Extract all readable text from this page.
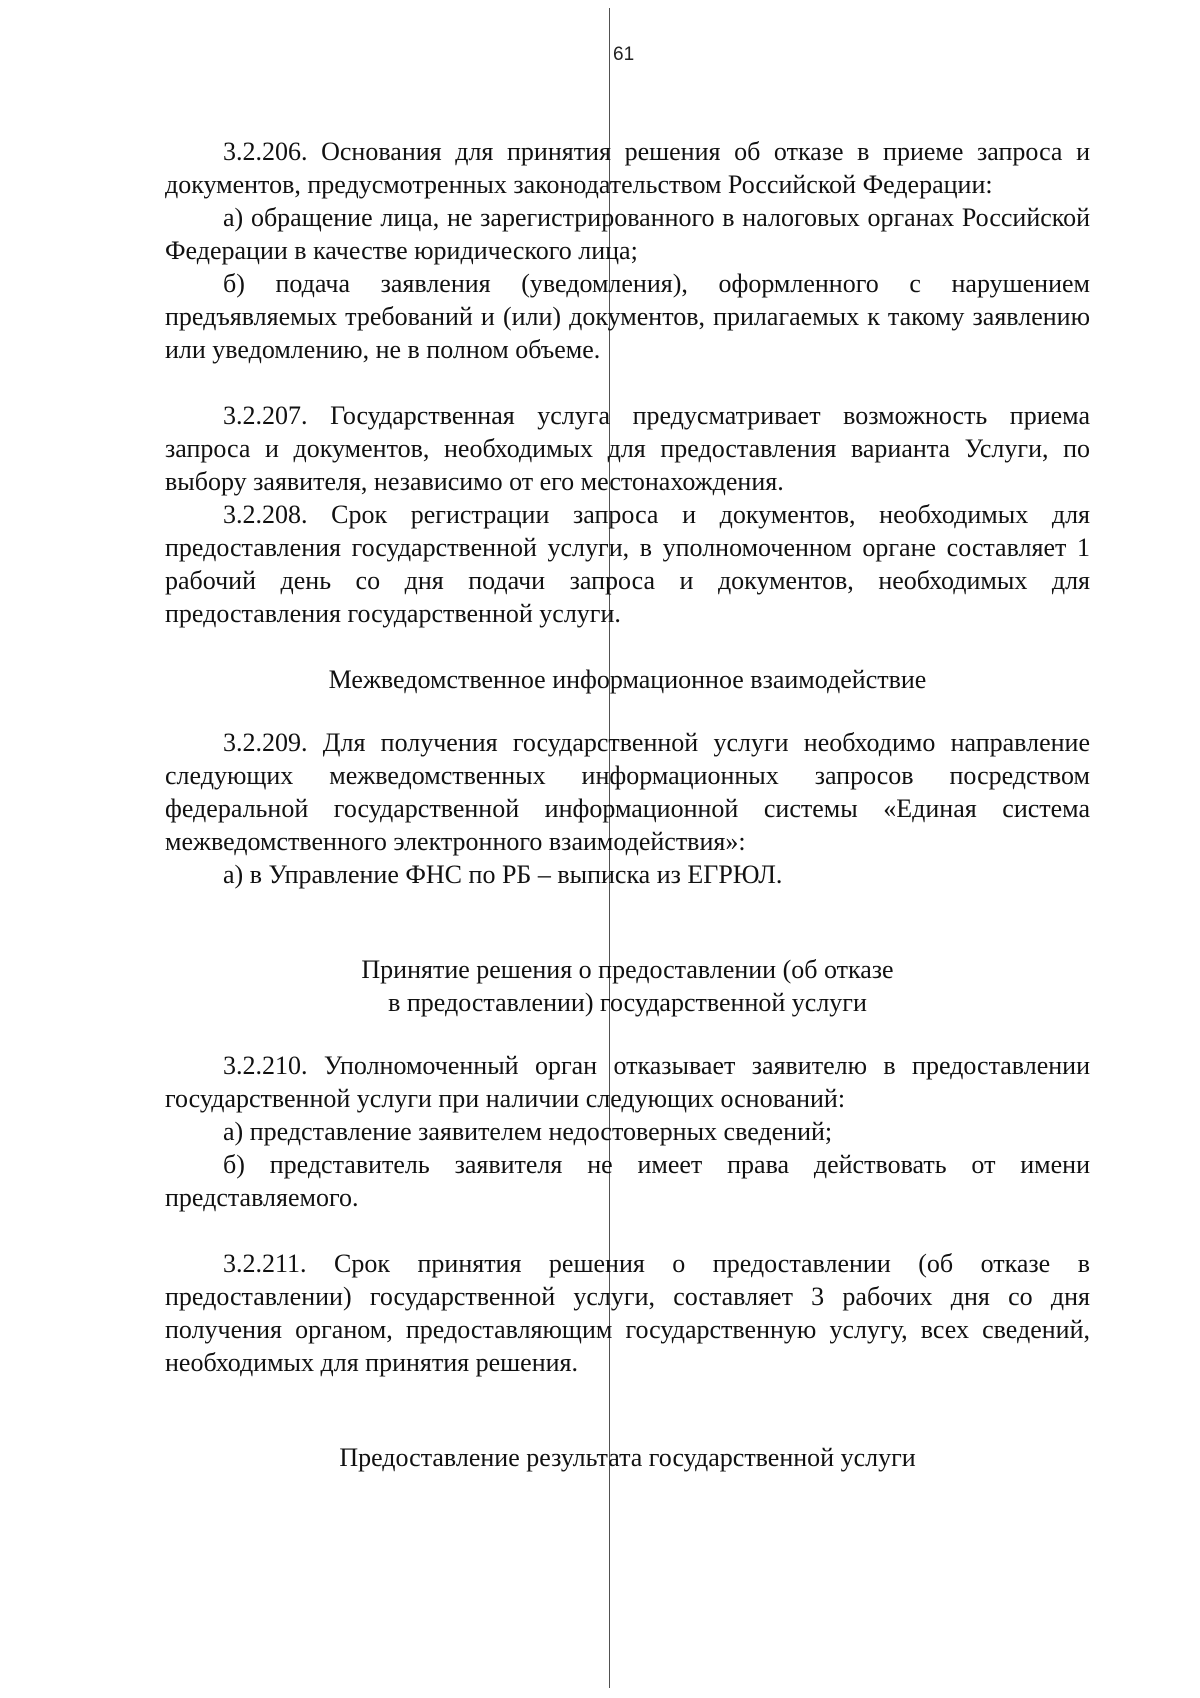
61

3.2.206. Основания для принятия решения об отказе в приеме запроса и документов, предусмотренных законодательством Российской Федерации:

а) обращение лица, не зарегистрированного в налоговых органах Российской Федерации в качестве юридического лица;

б) подача заявления (уведомления), оформленного с нарушением предъявляемых требований и (или) документов, прилагаемых к такому заявлению или уведомлению, не в полном объеме.

3.2.207. Государственная услуга предусматривает возможность приема запроса и документов, необходимых для предоставления варианта Услуги, по выбору заявителя, независимо от его местонахождения.

3.2.208. Срок регистрации запроса и документов, необходимых для предоставления государственной услуги, в уполномоченном органе составляет 1 рабочий день со дня подачи запроса и документов, необходимых для предоставления государственной услуги.

Межведомственное информационное взаимодействие

3.2.209. Для получения государственной услуги необходимо направление следующих межведомственных информационных запросов посредством федеральной государственной информационной системы «Единая система межведомственного электронного взаимодействия»:

а) в Управление ФНС по РБ – выписка из ЕГРЮЛ.

Принятие решения о предоставлении (об отказе

в предоставлении) государственной услуги

3.2.210. Уполномоченный орган отказывает заявителю в предоставлении государственной услуги при наличии следующих оснований:

а) представление заявителем недостоверных сведений;

б) представитель заявителя не имеет права действовать от имени представляемого.

3.2.211. Срок принятия решения о предоставлении (об отказе в предоставлении) государственной услуги, составляет 3 рабочих дня со дня получения органом, предоставляющим государственную услугу, всех сведений, необходимых для принятия решения.

Предоставление результата государственной услуги
